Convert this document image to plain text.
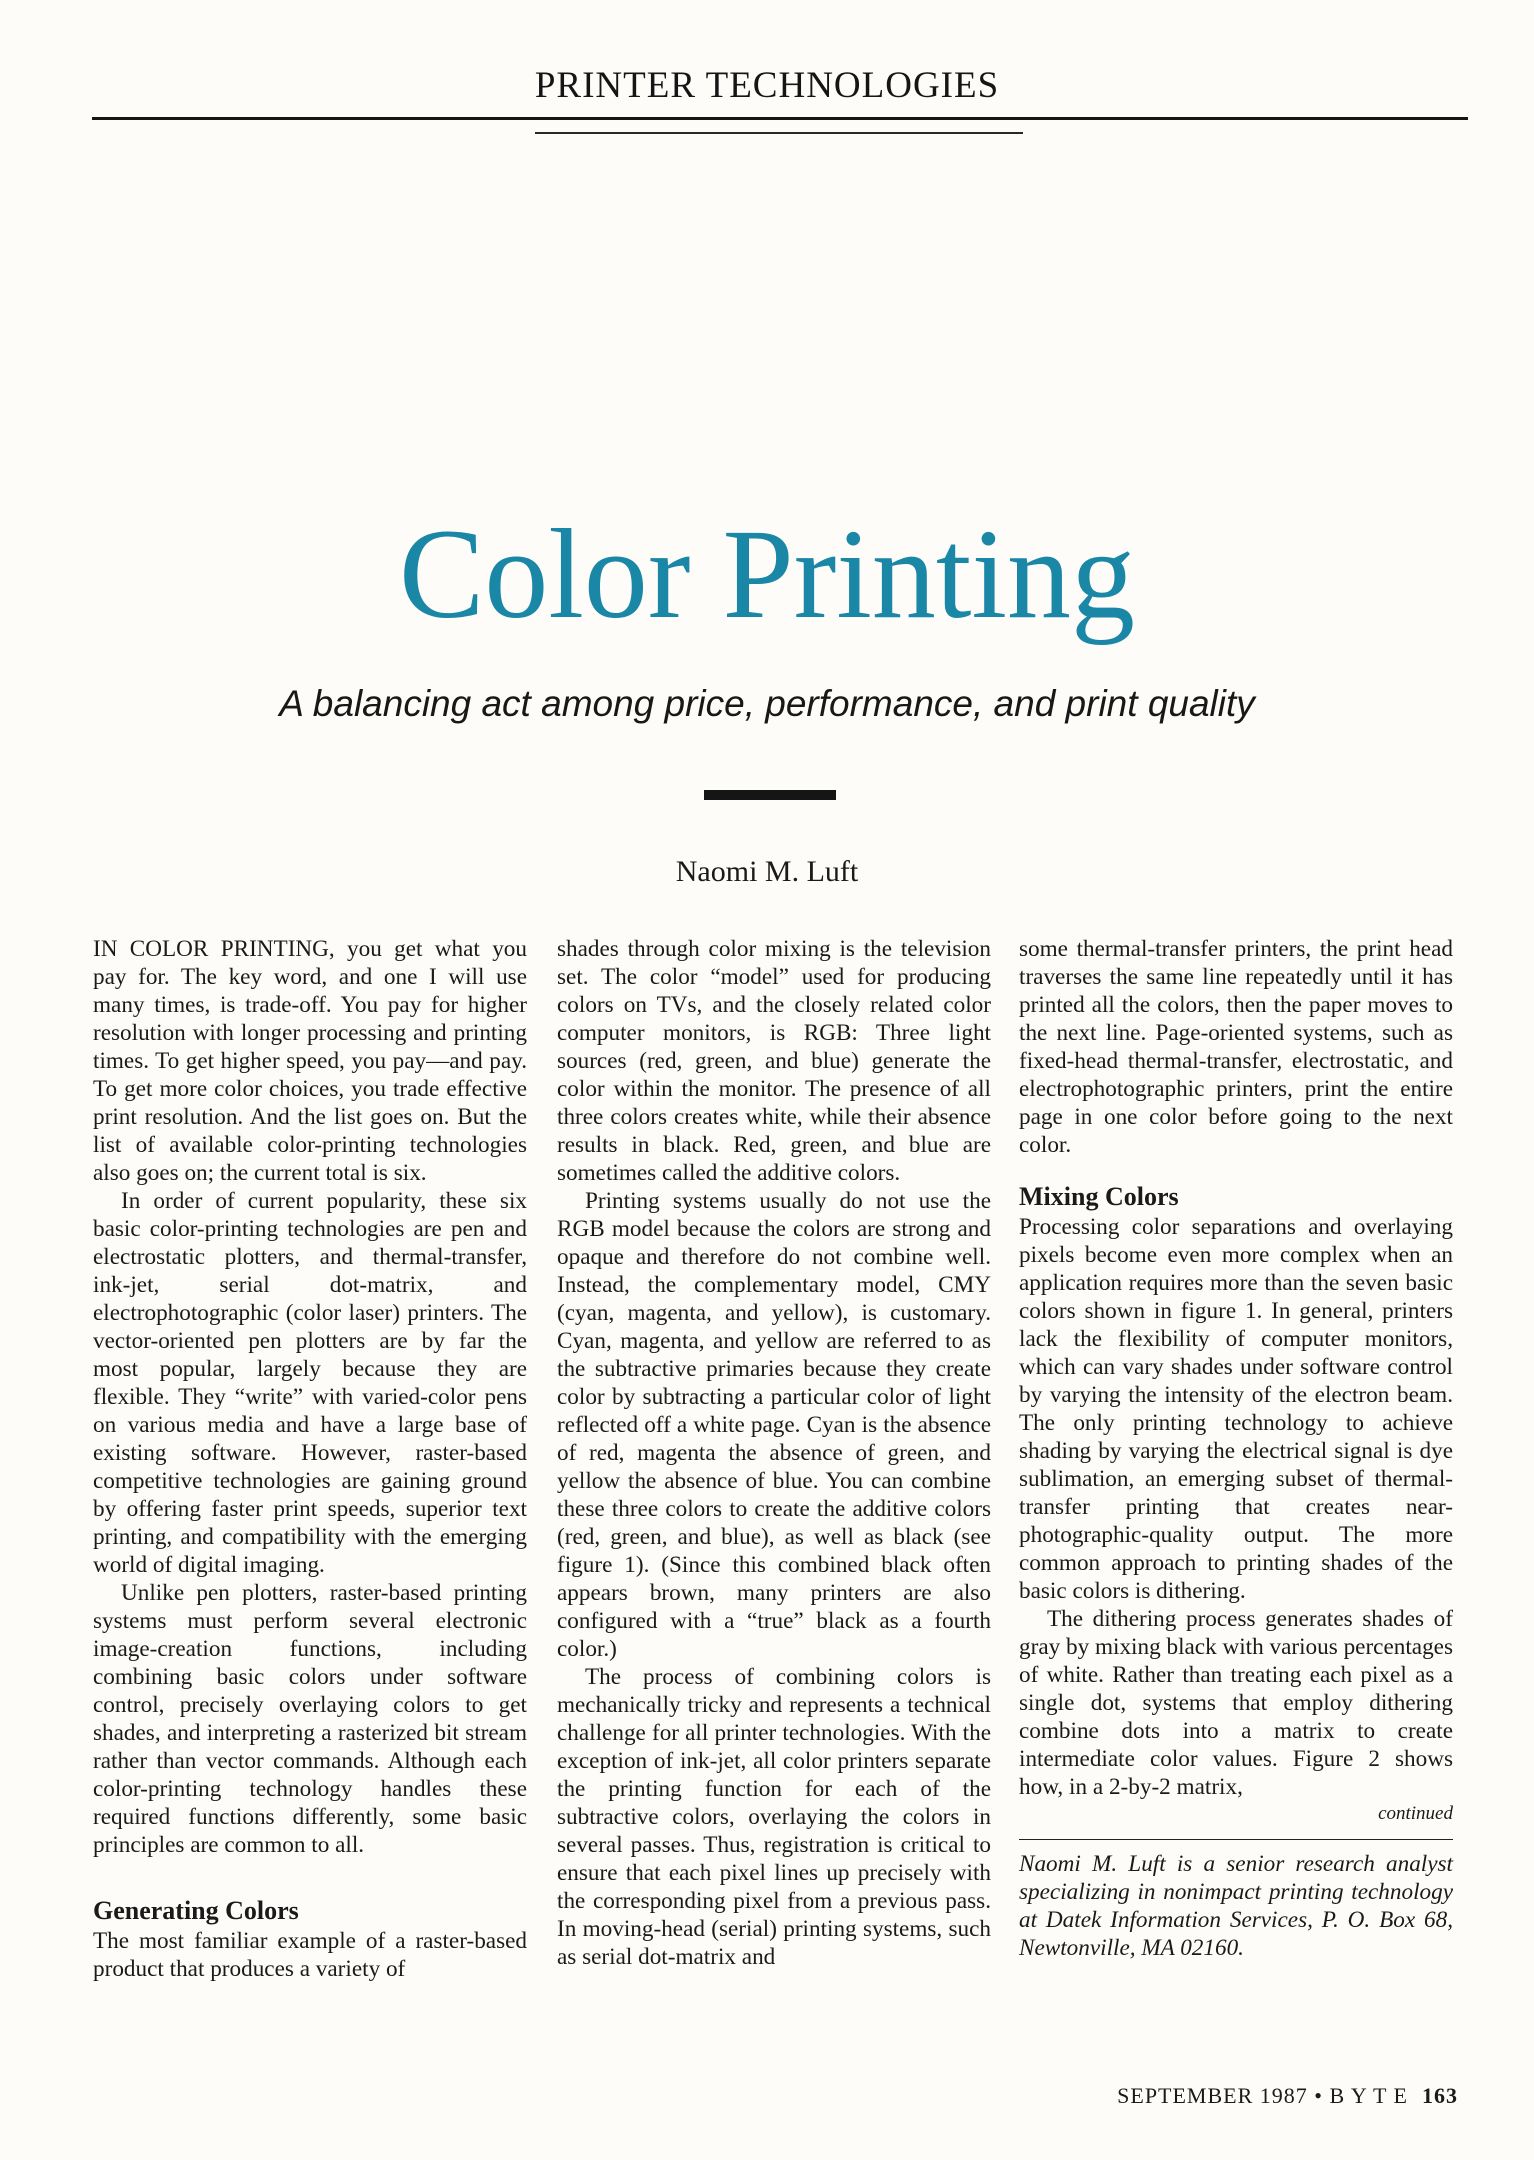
PRINTER TECHNOLOGIES
Color Printing
A balancing act among price, performance, and print quality
Naomi M. Luft

IN COLOR PRINTING, you get what you pay for. The key word, and one I will use many times, is trade-off. You pay for higher resolution with longer processing and printing times. To get higher speed, you pay—and pay. To get more color choices, you trade effective print resolution. And the list goes on. But the list of available color-printing technologies also goes on; the current total is six.

In order of current popularity, these six basic color-printing technologies are pen and electrostatic plotters, and thermal-transfer, ink-jet, serial dot-matrix, and electrophotographic (color laser) printers. The vector-oriented pen plotters are by far the most popular, largely because they are flexible. They “write” with varied-color pens on various media and have a large base of existing software. However, raster-based competitive technologies are gaining ground by offering faster print speeds, superior text printing, and compatibility with the emerging world of digital imaging.

Unlike pen plotters, raster-based printing systems must perform several electronic image-creation functions, including combining basic colors under software control, precisely overlaying colors to get shades, and interpreting a rasterized bit stream rather than vector commands. Although each color-printing technology handles these required functions differently, some basic principles are common to all.

Generating Colors

The most familiar example of a raster-based product that produces a variety of

shades through color mixing is the television set. The color “model” used for producing colors on TVs, and the closely related color computer monitors, is RGB: Three light sources (red, green, and blue) generate the color within the monitor. The presence of all three colors creates white, while their absence results in black. Red, green, and blue are sometimes called the additive colors.

Printing systems usually do not use the RGB model because the colors are strong and opaque and therefore do not combine well. Instead, the complementary model, CMY (cyan, magenta, and yellow), is customary. Cyan, magenta, and yellow are referred to as the subtractive primaries because they create color by subtracting a particular color of light reflected off a white page. Cyan is the absence of red, magenta the absence of green, and yellow the absence of blue. You can combine these three colors to create the additive colors (red, green, and blue), as well as black (see figure 1). (Since this combined black often appears brown, many printers are also configured with a “true” black as a fourth color.)

The process of combining colors is mechanically tricky and represents a technical challenge for all printer technologies. With the exception of ink-jet, all color printers separate the printing function for each of the subtractive colors, overlaying the colors in several passes. Thus, registration is critical to ensure that each pixel lines up precisely with the corresponding pixel from a previous pass. In moving-head (serial) printing systems, such as serial dot-matrix and

some thermal-transfer printers, the print head traverses the same line repeatedly until it has printed all the colors, then the paper moves to the next line. Page-oriented systems, such as fixed-head thermal-transfer, electrostatic, and electrophotographic printers, print the entire page in one color before going to the next color.

Mixing Colors

Processing color separations and overlaying pixels become even more complex when an application requires more than the seven basic colors shown in figure 1. In general, printers lack the flexibility of computer monitors, which can vary shades under software control by varying the intensity of the electron beam. The only printing technology to achieve shading by varying the electrical signal is dye sublimation, an emerging subset of thermal-transfer printing that creates near-photographic-quality output. The more common approach to printing shades of the basic colors is dithering.

The dithering process generates shades of gray by mixing black with various percentages of white. Rather than treating each pixel as a single dot, systems that employ dithering combine dots into a matrix to create intermediate color values. Figure 2 shows how, in a 2-by-2 matrix,

continued

Naomi M. Luft is a senior research analyst specializing in nonimpact printing technology at Datek Information Services, P. O. Box 68, Newtonville, MA 02160.

SEPTEMBER 1987 • B Y T E 163
